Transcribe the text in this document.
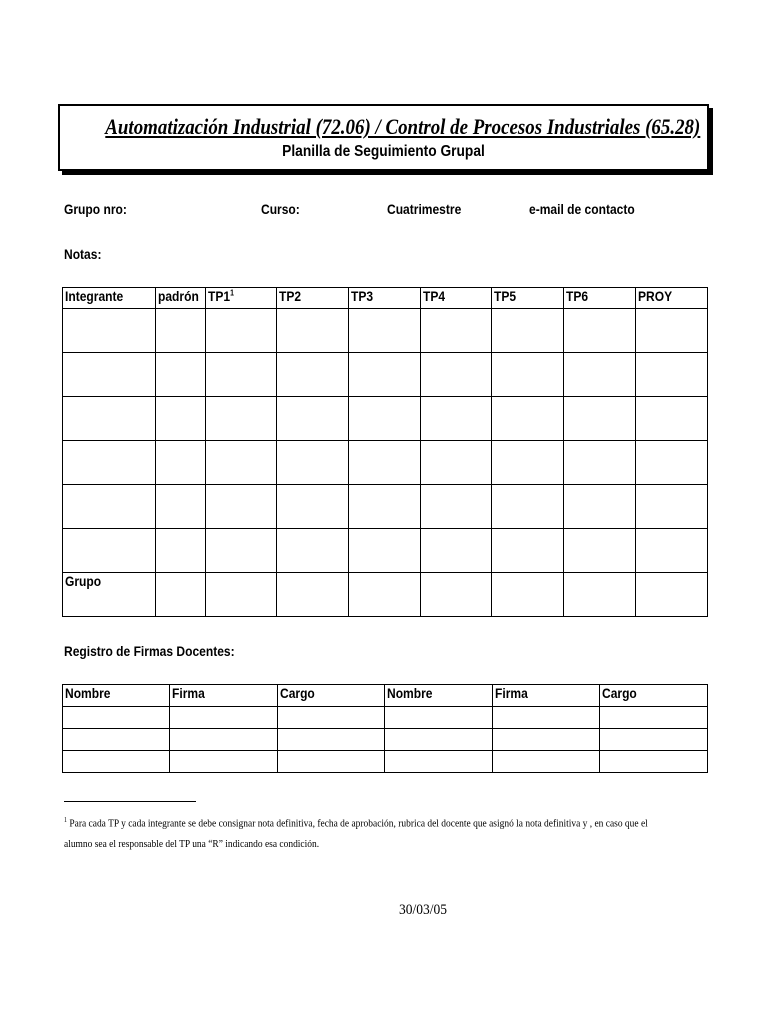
Automatización Industrial (72.06) / Control de Procesos Industriales (65.28)
Planilla de Seguimiento Grupal
Grupo nro:	Curso:	Cuatrimestre	e-mail de contacto
Notas:
Integrante	padrón	$TP1^1$	TP2	TP3	TP4	TP5	TP6	PROY

Grupo								
Registro de Firmas Docentes:
Nombre	Firma	Cargo	Nombre	Firma	Cargo

$^1$ Para cada TP y cada integrante se debe consignar nota definitiva, fecha de aprobación, rubrica del docente que asignó la nota definitiva y , en caso que el alumno sea el responsable del TP una “R” indicando esa condición.
30/03/05
